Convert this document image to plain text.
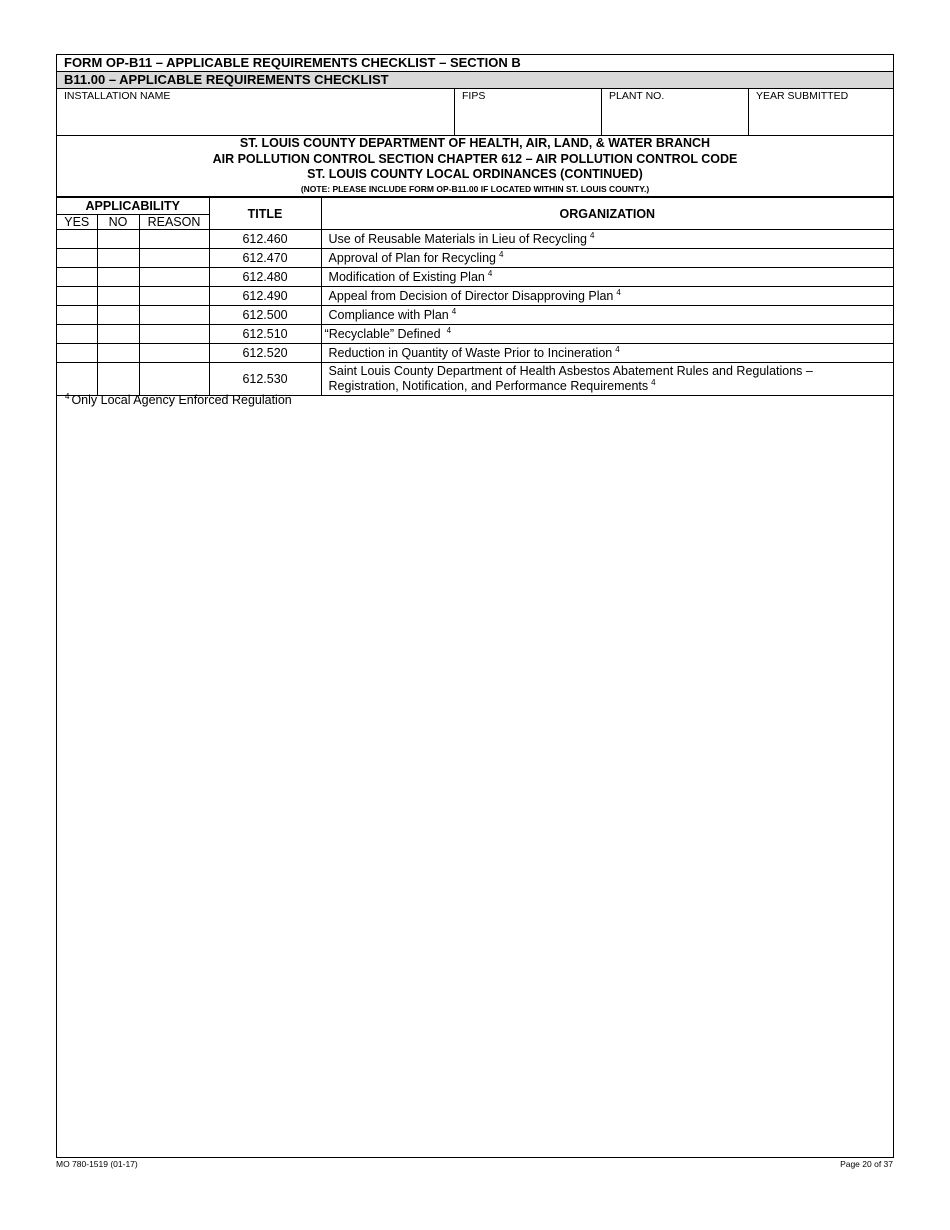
FORM OP-B11 – APPLICABLE REQUIREMENTS CHECKLIST – SECTION B
B11.00 – APPLICABLE REQUIREMENTS CHECKLIST
INSTALLATION NAME	FIPS	PLANT NO.	YEAR SUBMITTED
ST. LOUIS COUNTY DEPARTMENT OF HEALTH, AIR, LAND, & WATER BRANCH
AIR POLLUTION CONTROL SECTION CHAPTER 612 – AIR POLLUTION CONTROL CODE
ST. LOUIS COUNTY LOCAL ORDINANCES (CONTINUED)
(NOTE: PLEASE INCLUDE FORM OP-B11.00 IF LOCATED WITHIN ST. LOUIS COUNTY.)
APPLICABILITY			TITLE	ORGANIZATION
YES	NO	REASON		
			612.460	Use of Reusable Materials in Lieu of Recycling $^4$
			612.470	Approval of Plan for Recycling $^4$
			612.480	Modification of Existing Plan $^4$
			612.490	Appeal from Decision of Director Disapproving Plan $^4$
			612.500	Compliance with Plan $^4$
			612.510	“Recyclable” Defined $^4$
			612.520	Reduction in Quantity of Waste Prior to Incineration $^4$
			612.530	Saint Louis County Department of Health Asbestos Abatement Rules and Regulations –
Registration, Notification, and Performance Requirements $^4$
$^4$ Only Local Agency Enforced Regulation
MO 780-1519 (01-17)	Page 20 of 37
